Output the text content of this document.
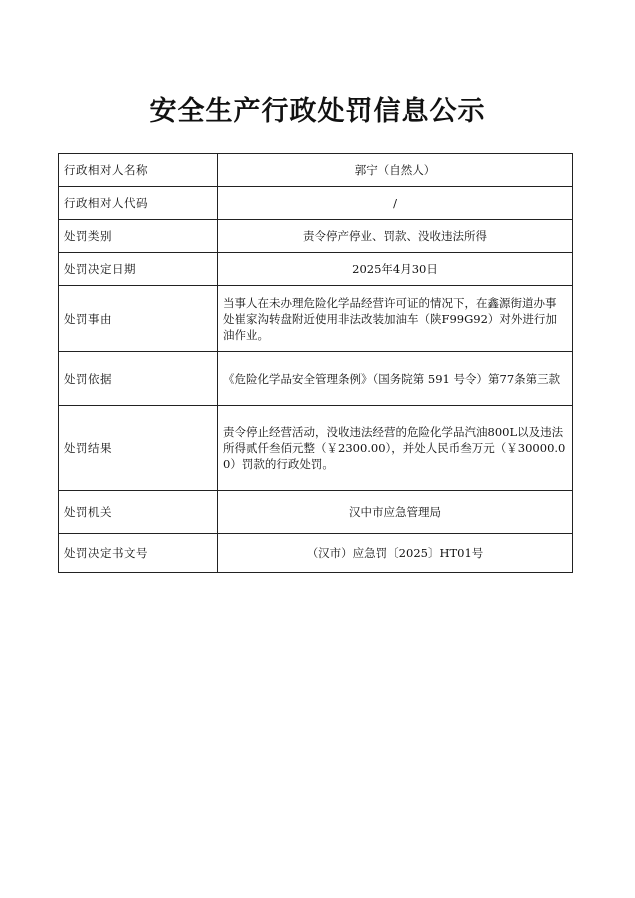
安全生产行政处罚信息公示
行政相对人名称	郭宁（自然人）
行政相对人代码	/
处罚类别	责令停产停业、罚款、没收违法所得
处罚决定日期	2025年4月30日
处罚事由	当事人在未办理危险化学品经营许可证的情况下，在鑫源街道办事处崔家沟转盘附近使用非法改装加油车（陕F99G92）对外进行加油作业。
处罚依据	《危险化学品安全管理条例》（国务院第 591 号令）第77条第三款
处罚结果	责令停止经营活动，没收违法经营的危险化学品汽油800L以及违法所得贰仟叁佰元整（￥2300.00），并处人民币叁万元（￥30000.00）罚款的行政处罚。
处罚机关	汉中市应急管理局
处罚决定书文号	（汉市）应急罚〔2025〕HT01号
